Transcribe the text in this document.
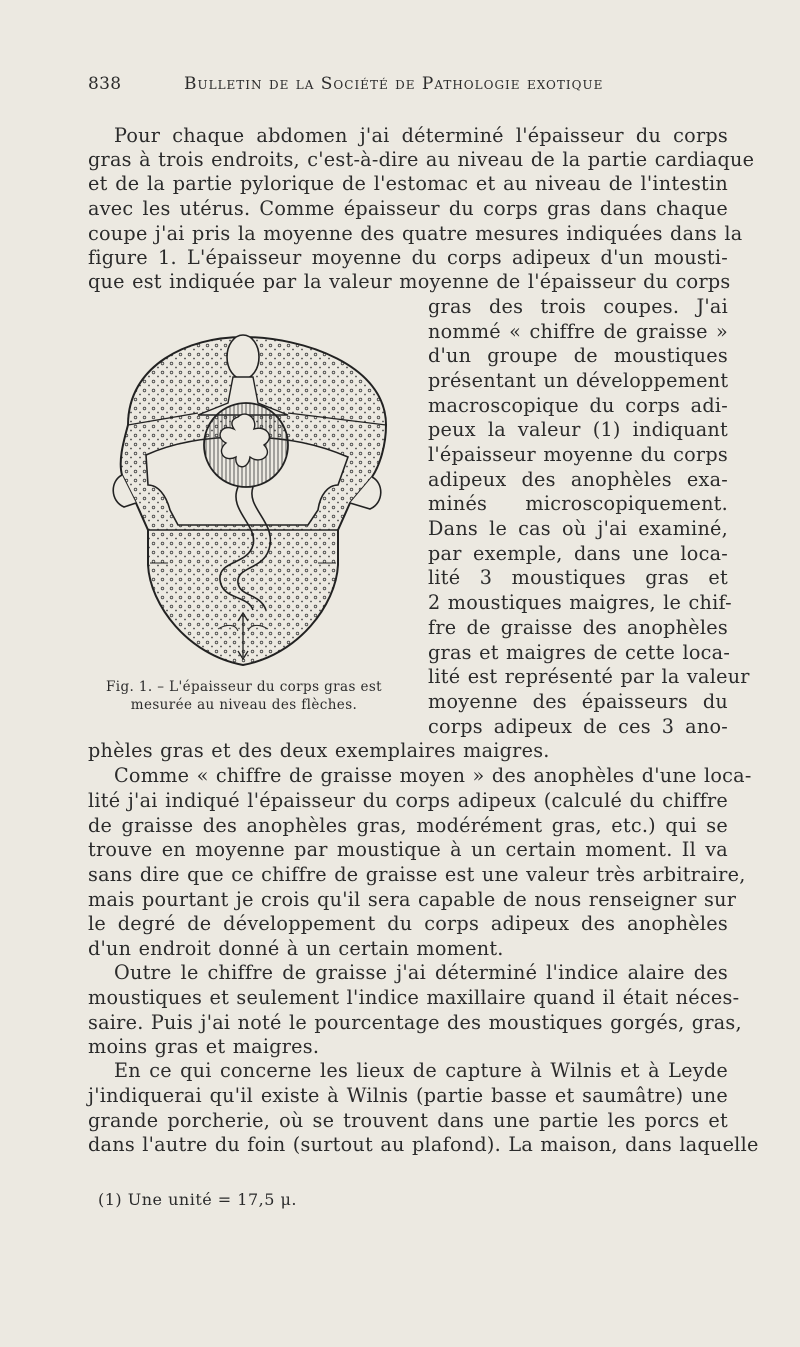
838	Bulletin de la Société de Pathologie exotique
Pour chaque abdomen j'ai déterminé l'épaisseur du corps
gras à trois endroits, c'est-à-dire au niveau de la partie cardiaque
et de la partie pylorique de l'estomac et au niveau de l'intestin
avec les utérus. Comme épaisseur du corps gras dans chaque
coupe j'ai pris la moyenne des quatre mesures indiquées dans la
figure 1. L'épaisseur moyenne du corps adipeux d'un mousti-
que est indiquée par la valeur moyenne de l'épaisseur du corps
gras des trois coupes. J'ai
nommé « chiffre de graisse »
d'un groupe de moustiques
présentant un développement
macroscopique du corps adi-
peux la valeur (1) indiquant
l'épaisseur moyenne du corps
adipeux des anophèles exa-
minés microscopiquement.
Dans le cas où j'ai examiné,
par exemple, dans une loca-
lité 3 moustiques gras et
2 moustiques maigres, le chif-
fre de graisse des anophèles
gras et maigres de cette loca-
lité est représenté par la valeur
moyenne des épaisseurs du
corps adipeux de ces 3 ano-
Fig. 1. – L'épaisseur du corps gras est
mesurée au niveau des flèches.
phèles gras et des deux exemplaires maigres.
Comme « chiffre de graisse moyen » des anophèles d'une loca-
lité j'ai indiqué l'épaisseur du corps adipeux (calculé du chiffre
de graisse des anophèles gras, modérément gras, etc.) qui se
trouve en moyenne par moustique à un certain moment. Il va
sans dire que ce chiffre de graisse est une valeur très arbitraire,
mais pourtant je crois qu'il sera capable de nous renseigner sur
le degré de développement du corps adipeux des anophèles
d'un endroit donné à un certain moment.
Outre le chiffre de graisse j'ai déterminé l'indice alaire des
moustiques et seulement l'indice maxillaire quand il était néces-
saire. Puis j'ai noté le pourcentage des moustiques gorgés, gras,
moins gras et maigres.
En ce qui concerne les lieux de capture à Wilnis et à Leyde
j'indiquerai qu'il existe à Wilnis (partie basse et saumâtre) une
grande porcherie, où se trouvent dans une partie les porcs et
dans l'autre du foin (surtout au plafond). La maison, dans laquelle
(1) Une unité = 17,5 μ.
